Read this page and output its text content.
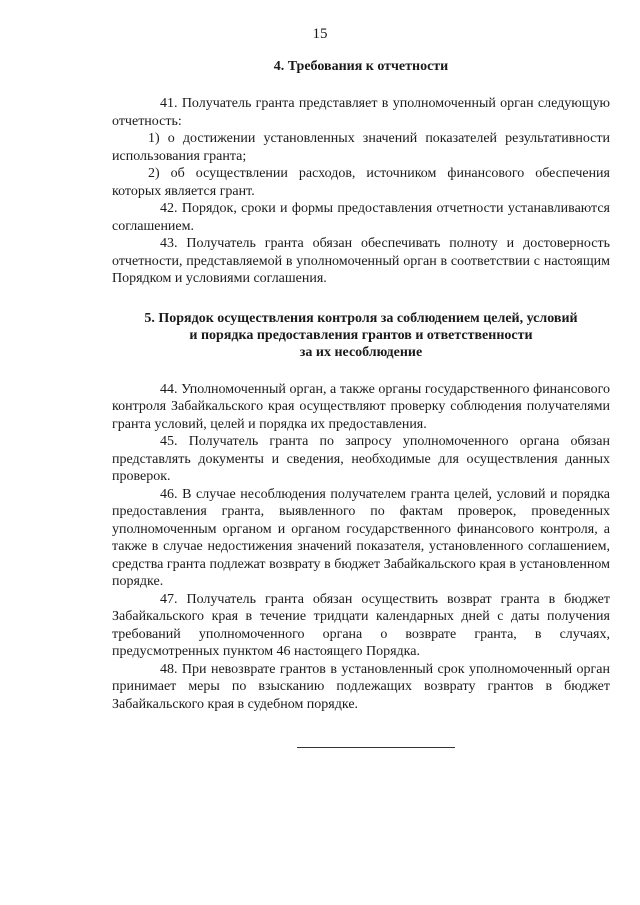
15

4. Требования к отчетности

41. Получатель гранта представляет в уполномоченный орган следующую отчетность:

1) о достижении установленных значений показателей результативности использования гранта;

2) об осуществлении расходов, источником финансового обеспечения которых является грант.

42. Порядок, сроки и формы предоставления отчетности устанавливаются соглашением.

43. Получатель гранта обязан обеспечивать полноту и достоверность отчетности, представляемой в уполномоченный орган в соответствии с настоящим Порядком и условиями соглашения.

5. Порядок осуществления контроля за соблюдением целей, условий
и порядка предоставления грантов и ответственности
за их несоблюдение

44. Уполномоченный орган, а также органы государственного финансового контроля Забайкальского края осуществляют проверку соблюдения получателями гранта условий, целей и порядка их предоставления.

45. Получатель гранта по запросу уполномоченного органа обязан представлять документы и сведения, необходимые для осуществления данных проверок.

46. В случае несоблюдения получателем гранта целей, условий и порядка предоставления гранта, выявленного по фактам проверок, проведенных уполномоченным органом и органом государственного финансового контроля, а также в случае недостижения значений показателя, установленного соглашением, средства гранта подлежат возврату в бюджет Забайкальского края в установленном порядке.

47. Получатель гранта обязан осуществить возврат гранта в бюджет Забайкальского края в течение тридцати календарных дней с даты получения требований уполномоченного органа о возврате гранта, в случаях, предусмотренных пунктом 46 настоящего Порядка.

48. При невозврате грантов в установленный срок уполномоченный орган принимает меры по взысканию подлежащих возврату грантов в бюджет Забайкальского края в судебном порядке.
